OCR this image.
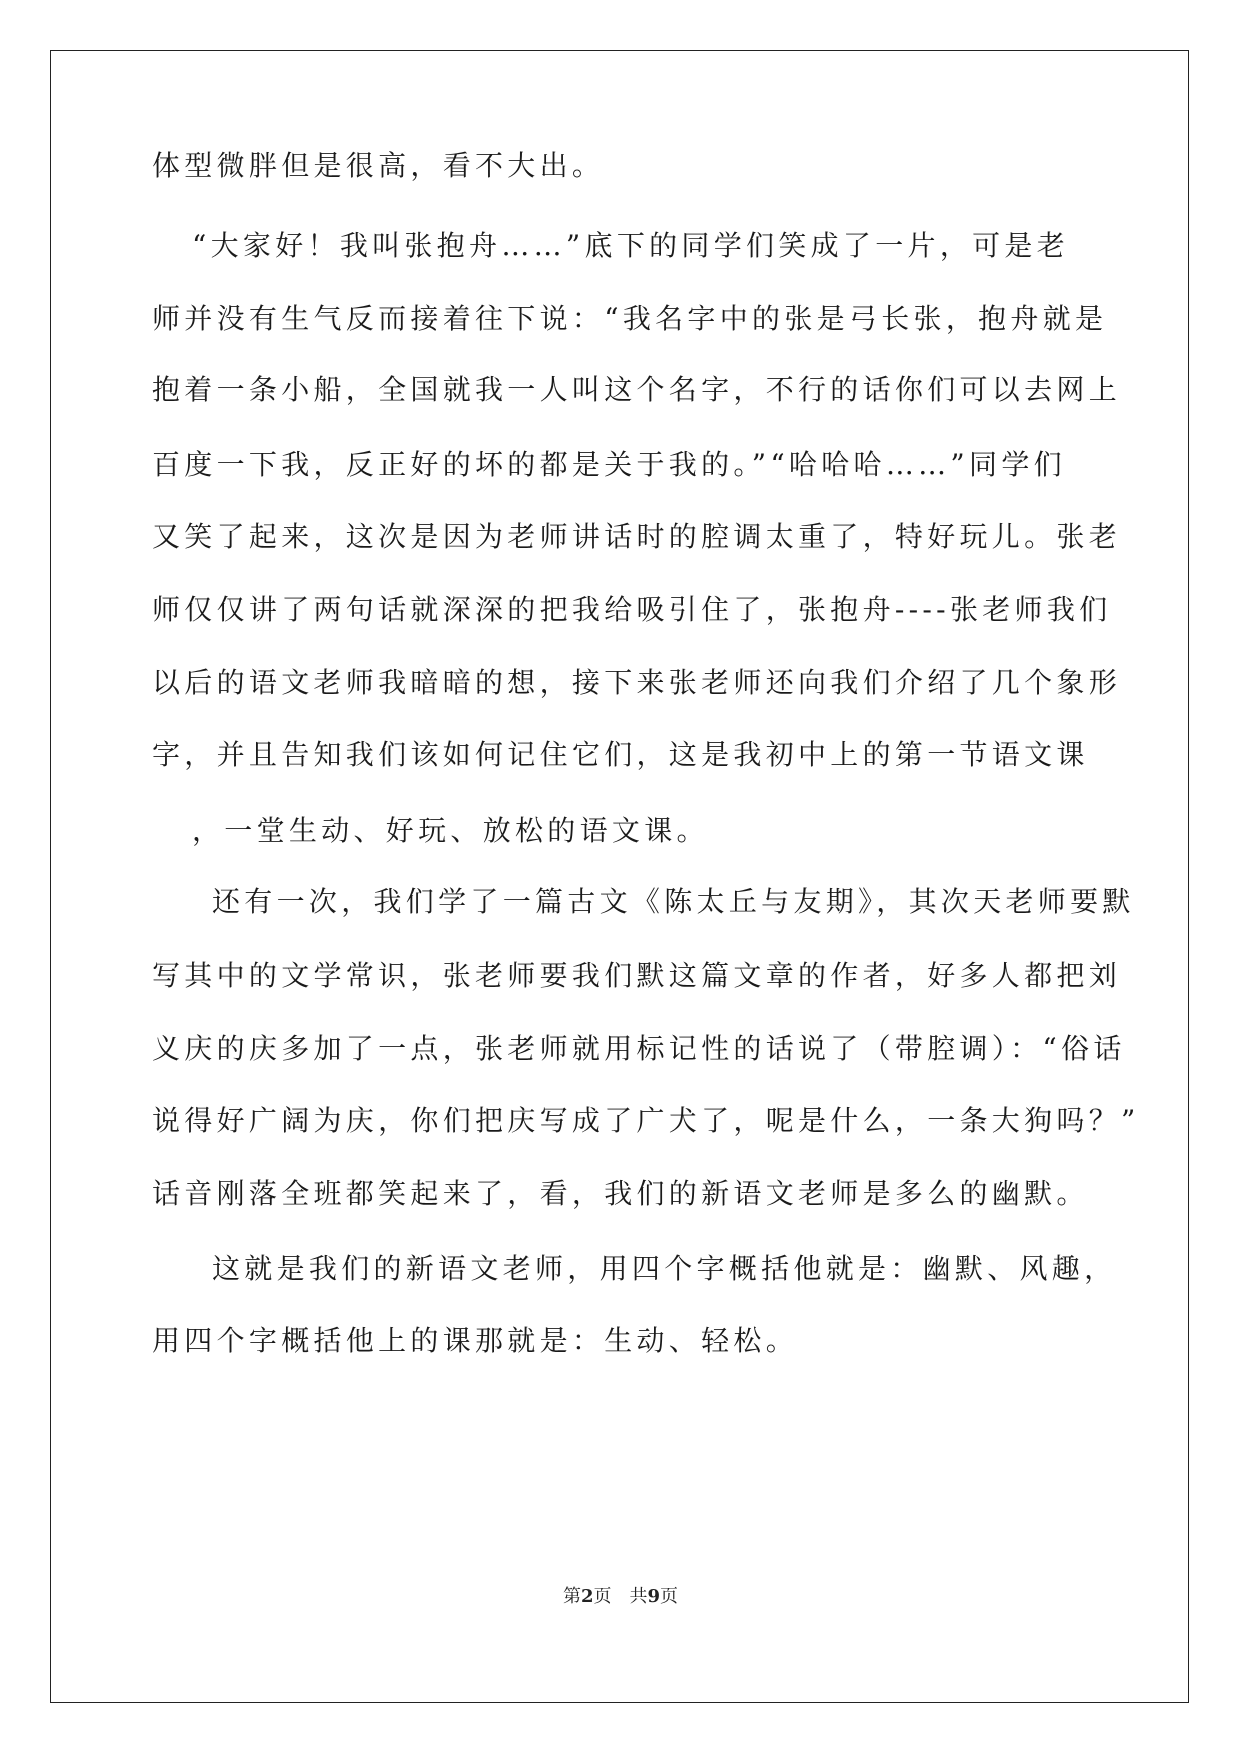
体型微胖但是很高，看不大出。
“大家好！我叫张抱舟……”底下的同学们笑成了一片，可是老
师并没有生气反而接着往下说：“我名字中的张是弓长张，抱舟就是
抱着一条小船，全国就我一人叫这个名字，不行的话你们可以去网上
百度一下我，反正好的坏的都是关于我的。”“哈哈哈……”同学们
又笑了起来，这次是因为老师讲话时的腔调太重了，特好玩儿。张老
师仅仅讲了两句话就深深的把我给吸引住了，张抱舟----张老师我们
以后的语文老师我暗暗的想，接下来张老师还向我们介绍了几个象形
字，并且告知我们该如何记住它们，这是我初中上的第一节语文课
，一堂生动、好玩、放松的语文课。
还有一次，我们学了一篇古文《陈太丘与友期》，其次天老师要默
写其中的文学常识，张老师要我们默这篇文章的作者，好多人都把刘
义庆的庆多加了一点，张老师就用标记性的话说了（带腔调）：“俗话
说得好广阔为庆，你们把庆写成了广犬了，呢是什么，一条大狗吗？”
话音刚落全班都笑起来了，看，我们的新语文老师是多么的幽默。
这就是我们的新语文老师，用四个字概括他就是：幽默、风趣，
用四个字概括他上的课那就是：生动、轻松。
第2页　共9页
